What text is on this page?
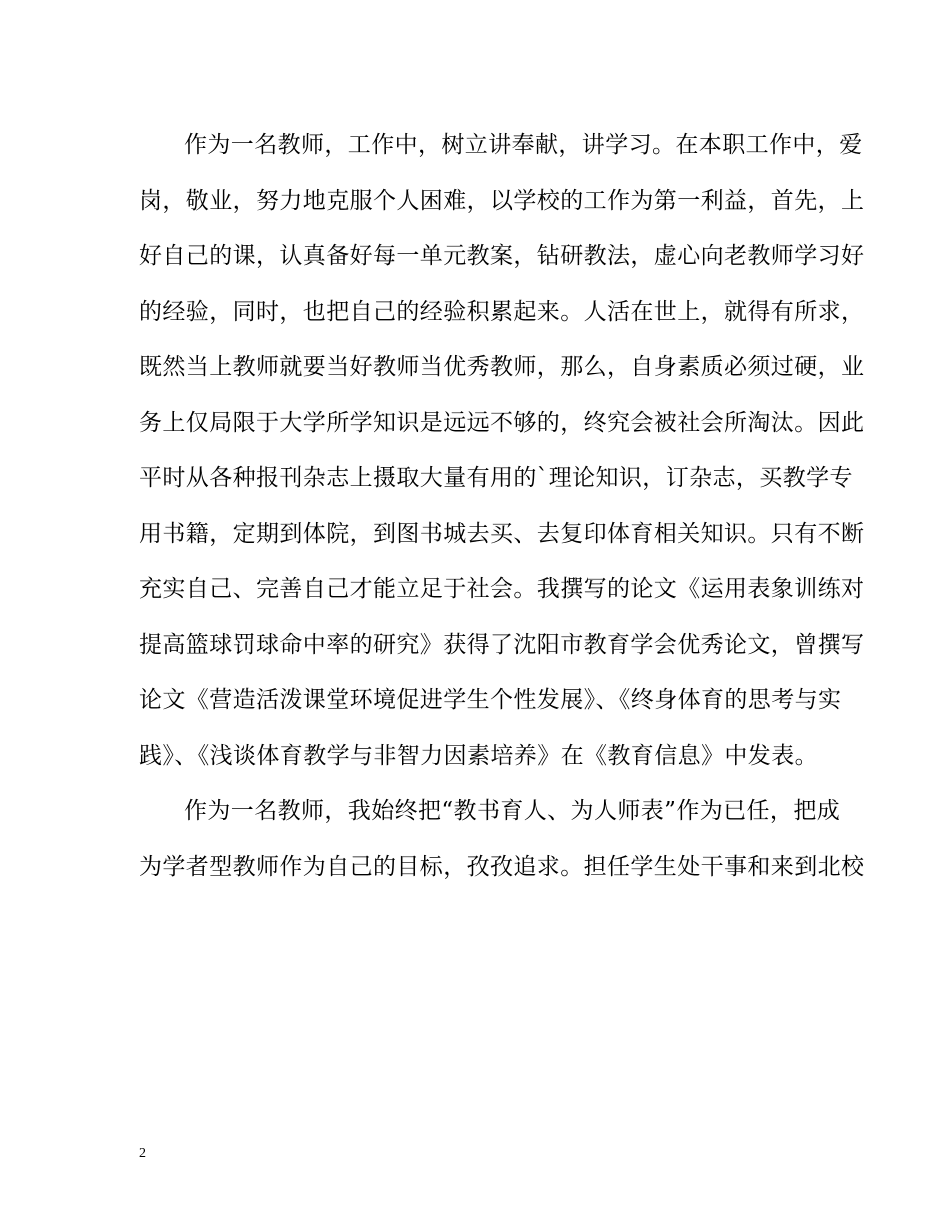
作为一名教师，工作中，树立讲奉献，讲学习。在本职工作中，爱
岗，敬业，努力地克服个人困难，以学校的工作为第一利益，首先，上
好自己的课，认真备好每一单元教案，钻研教法，虚心向老教师学习好
的经验，同时，也把自己的经验积累起来。人活在世上，就得有所求，
既然当上教师就要当好教师当优秀教师，那么，自身素质必须过硬，业
务上仅局限于大学所学知识是远远不够的，终究会被社会所淘汰。因此
平时从各种报刊杂志上摄取大量有用的`理论知识，订杂志，买教学专
用书籍，定期到体院，到图书城去买、去复印体育相关知识。只有不断
充实自己、完善自己才能立足于社会。我撰写的论文《运用表象训练对
提高篮球罚球命中率的研究》获得了沈阳市教育学会优秀论文，曾撰写
论文《营造活泼课堂环境促进学生个性发展》、《终身体育的思考与实
践》、《浅谈体育教学与非智力因素培养》在《教育信息》中发表。
作为一名教师，我始终把“教书育人、为人师表”作为已任，把成
为学者型教师作为自己的目标，孜孜追求。担任学生处干事和来到北校
2
